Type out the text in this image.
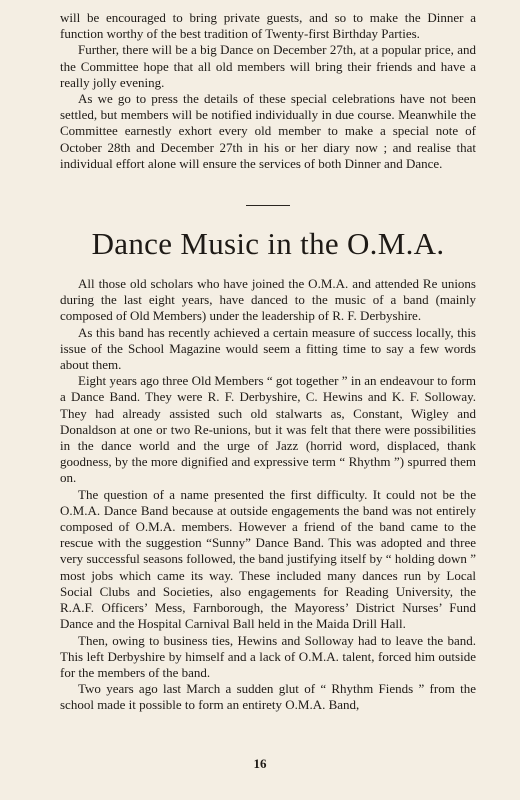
will be encouraged to bring private guests, and so to make the Dinner a function worthy of the best tradition of Twenty-first Birthday Parties.

Further, there will be a big Dance on December 27th, at a popular price, and the Committee hope that all old members will bring their friends and have a really jolly evening.

As we go to press the details of these special celebrations have not been settled, but members will be notified individually in due course. Meanwhile the Committee earnestly exhort every old member to make a special note of October 28th and December 27th in his or her diary now ; and realise that individual effort alone will ensure the services of both Dinner and Dance.

Dance Music in the O.M.A.

All those old scholars who have joined the O.M.A. and attended Re unions during the last eight years, have danced to the music of a band (mainly composed of Old Members) under the leadership of R. F. Derbyshire.

As this band has recently achieved a certain measure of success locally, this issue of the School Magazine would seem a fitting time to say a few words about them.

Eight years ago three Old Members “ got together ” in an endeavour to form a Dance Band. They were R. F. Derbyshire, C. Hewins and K. F. Solloway. They had already assisted such old stalwarts as, Constant, Wigley and Donaldson at one or two Re-unions, but it was felt that there were possibilities in the dance world and the urge of Jazz (horrid word, displaced, thank goodness, by the more dignified and expressive term “ Rhythm ”) spurred them on.

The question of a name presented the first difficulty. It could not be the O.M.A. Dance Band because at outside engagements the band was not entirely composed of O.M.A. members. However a friend of the band came to the rescue with the suggestion “Sunny” Dance Band. This was adopted and three very successful seasons followed, the band justifying itself by “ holding down ” most jobs which came its way. These included many dances run by Local Social Clubs and Societies, also engagements for Reading University, the R.A.F. Officers’ Mess, Farnborough, the Mayoress’ District Nurses’ Fund Dance and the Hospital Carnival Ball held in the Maida Drill Hall.

Then, owing to business ties, Hewins and Solloway had to leave the band. This left Derbyshire by himself and a lack of O.M.A. talent, forced him outside for the members of the band.

Two years ago last March a sudden glut of “ Rhythm Fiends ” from the school made it possible to form an entirety O.M.A. Band,

16
